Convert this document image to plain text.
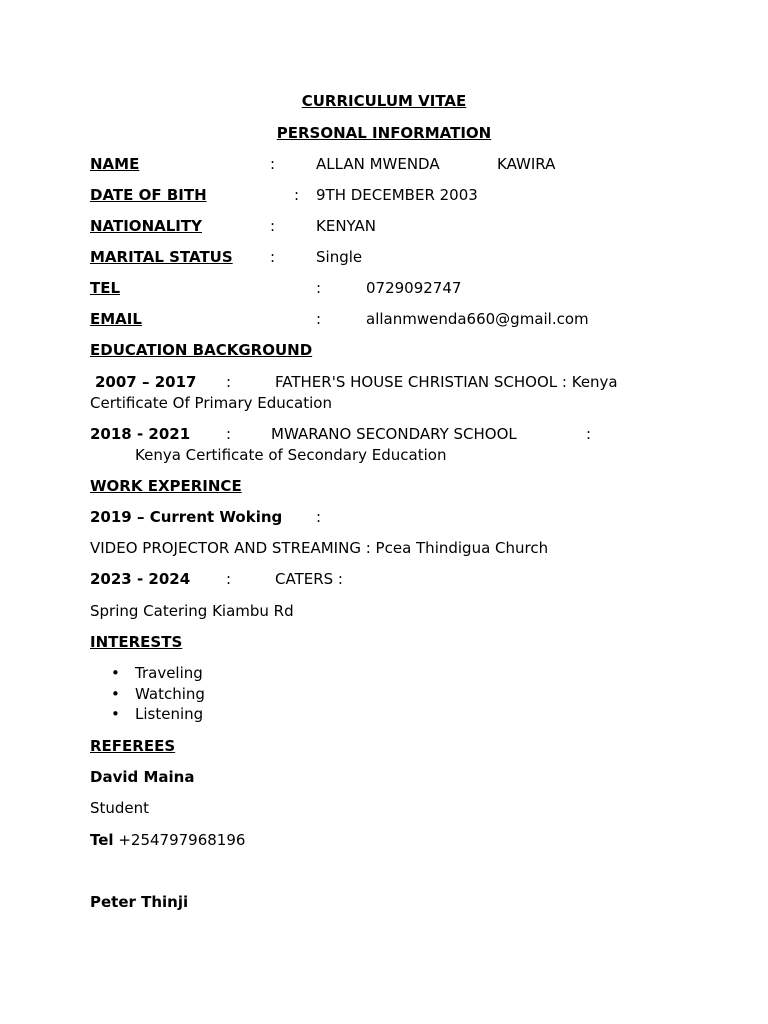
CURRICULUM VITAE
PERSONAL INFORMATION
NAME	:	ALLAN MWENDA	KAWIRA
DATE OF BITH	: 9TH DECEMBER 2003
NATIONALITY	:	KENYAN
MARITAL STATUS :	Single
TEL	:	0729092747
EMAIL	:	allanmwenda660@gmail.com
EDUCATION BACKGROUND
2007 – 2017 :	FATHER'S HOUSE CHRISTIAN SCHOOL : Kenya
Certificate Of Primary Education
2018 - 2021 :	MWARANO SECONDARY SCHOOL	:
Kenya Certificate of Secondary Education
WORK EXPERINCE
2019 – Current Woking :
VIDEO PROJECTOR AND STREAMING : Pcea Thindigua Church
2023 - 2024 :	CATERS :
Spring Catering Kiambu Rd
INTERESTS
• Traveling
• Watching
• Listening
REFEREES
David Maina
Student
Tel +254797968196
Peter Thinji
